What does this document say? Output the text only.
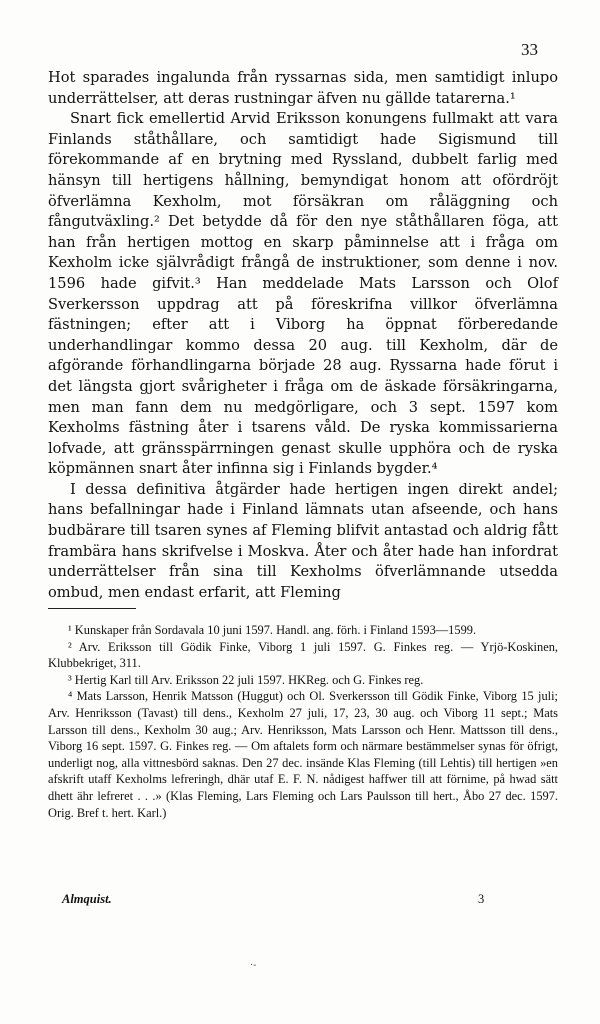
33

Hot sparades ingalunda från ryssarnas sida, men samtidigt inlupo underrättelser, att deras rustningar äfven nu gällde tatarerna.¹

Snart fick emellertid Arvid Eriksson konungens fullmakt att vara Finlands ståthållare, och samtidigt hade Sigismund till förekommande af en brytning med Ryssland, dubbelt farlig med hänsyn till hertigens hållning, bemyndigat honom att ofördröjt öfverlämna Kexholm, mot försäkran om råläggning och fångutväxling.² Det betydde då för den nye ståthållaren föga, att han från hertigen mottog en skarp påminnelse att i fråga om Kexholm icke självrådigt frångå de instruktioner, som denne i nov. 1596 hade gifvit.³ Han meddelade Mats Larsson och Olof Sverkersson uppdrag att på föreskrifna villkor öfverlämna fästningen; efter att i Viborg ha öppnat förberedande underhandlingar kommo dessa 20 aug. till Kexholm, där de afgörande förhandlingarna började 28 aug. Ryssarna hade förut i det längsta gjort svårigheter i fråga om de äskade försäkringarna, men man fann dem nu medgörligare, och 3 sept. 1597 kom Kexholms fästning åter i tsarens våld. De ryska kommissarierna lofvade, att gränsspärrningen genast skulle upphöra och de ryska köpmännen snart åter infinna sig i Finlands bygder.⁴

I dessa definitiva åtgärder hade hertigen ingen direkt andel; hans befallningar hade i Finland lämnats utan afseende, och hans budbärare till tsaren synes af Fleming blifvit antastad och aldrig fått frambära hans skrifvelse i Moskva. Åter och åter hade han infordrat underrättelser från sina till Kexholms öfverlämnande utsedda ombud, men endast erfarit, att Fleming

¹ Kunskaper från Sordavala 10 juni 1597. Handl. ang. förh. i Finland 1593—1599.

² Arv. Eriksson till Gödik Finke, Viborg 1 juli 1597. G. Finkes reg. — Yrjö-Koskinen, Klubbekriget, 311.

³ Hertig Karl till Arv. Eriksson 22 juli 1597. HKReg. och G. Finkes reg.

⁴ Mats Larsson, Henrik Matsson (Huggut) och Ol. Sverkersson till Gödik Finke, Viborg 15 juli; Arv. Henriksson (Tavast) till dens., Kexholm 27 juli, 17, 23, 30 aug. och Viborg 11 sept.; Mats Larsson till dens., Kexholm 30 aug.; Arv. Henriksson, Mats Larsson och Henr. Mattsson till dens., Viborg 16 sept. 1597. G. Finkes reg. — Om aftalets form och närmare bestämmelser synas för öfrigt, underligt nog, alla vittnesbörd saknas. Den 27 dec. insände Klas Fleming (till Lehtis) till hertigen »en afskrift utaff Kexholms lefreringh, dhär utaf E. F. N. nådigest haffwer till att förnime, på hwad sätt dhett ähr lefreret . . .» (Klas Fleming, Lars Fleming och Lars Paulsson till hert., Åbo 27 dec. 1597. Orig. Bref t. hert. Karl.)

Almquist.	3
·-
